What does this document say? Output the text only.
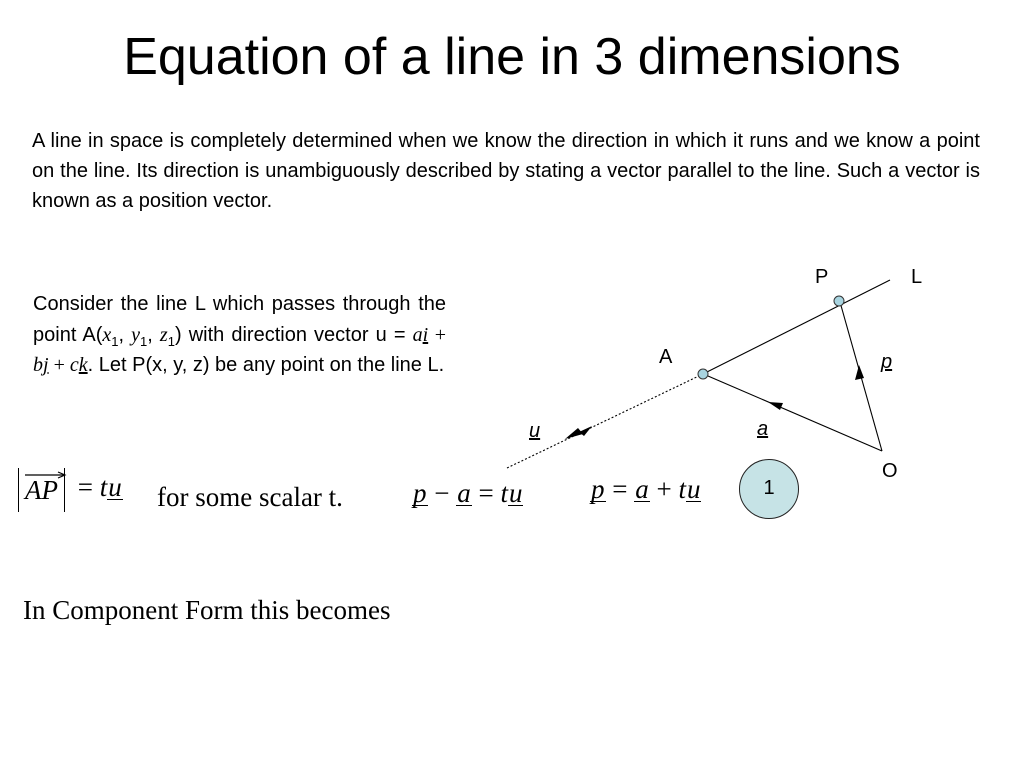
Equation of a line in 3 dimensions
A line in space is completely determined when we know the direction in which it runs and we know a point on the line. Its direction is unambiguously described by stating a vector parallel to the line. Such a vector is known as a position vector.
Consider the line L which passes through the point $A(x_1$, $y_1$, $z_1$) with direction vector u = ai + bj + ck. Let P(x, y, z) be any point on the line L.
P	L
A
O
p
a
u
AP = tu for some scalar t.	p − a = tu	p = a + tu	1
In Component Form this becomes
